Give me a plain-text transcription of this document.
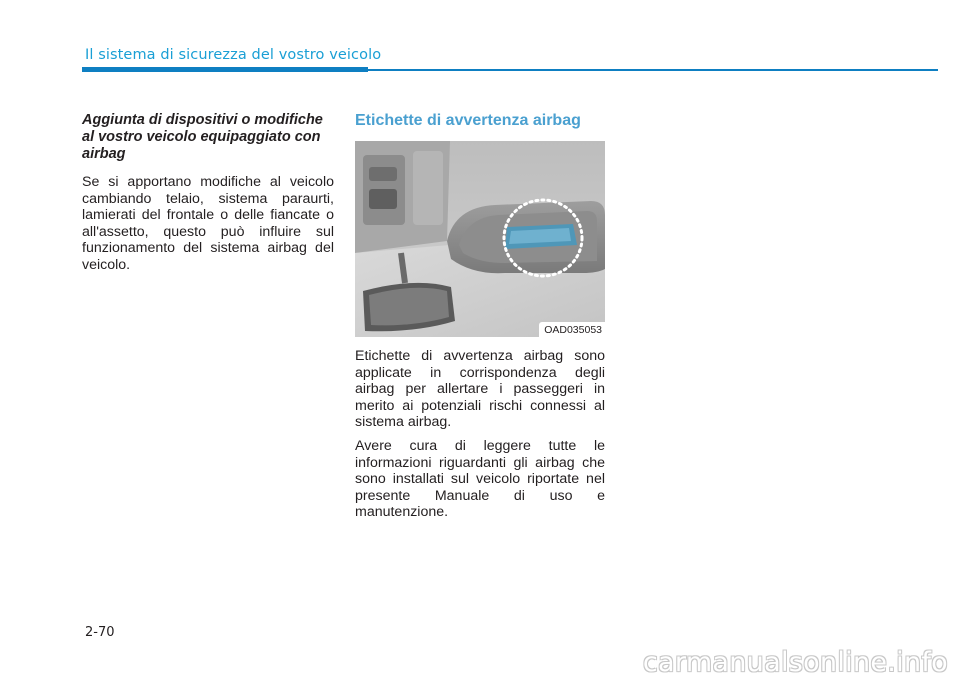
Il sistema di sicurezza del vostro veicolo
Aggiunta di dispositivi o modifiche al vostro veicolo equipaggiato con airbag

Se si apportano modifiche al veicolo cambiando telaio, sistema paraurti, lamierati del frontale o delle fiancate o all'assetto, questo può influire sul funzionamento del sistema airbag del veicolo.

Etichette di avvertenza airbag
OAD035053

Etichette di avvertenza airbag sono applicate in corrispondenza degli airbag per allertare i passeggeri in merito ai potenziali rischi connessi al sistema airbag.

Avere cura di leggere tutte le informazioni riguardanti gli airbag che sono installati sul veicolo riportate nel presente Manuale di uso e manutenzione.

2-70
carmanualsonline.info
